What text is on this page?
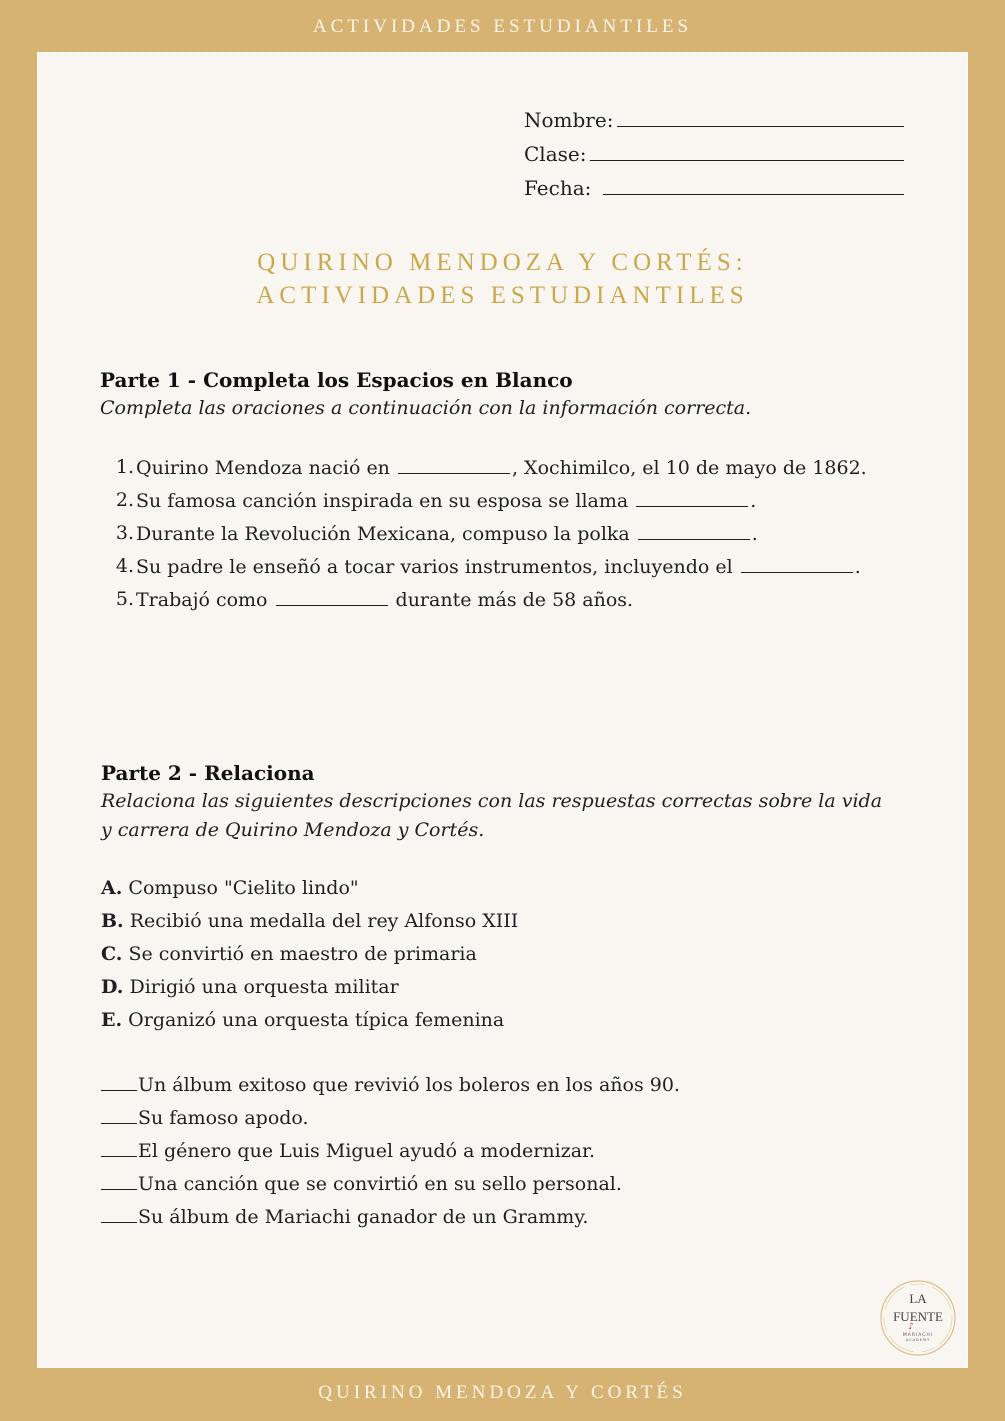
ACTIVIDADES ESTUDIANTILES
Nombre:
Clase:
Fecha:
QUIRINO MENDOZA Y CORTÉS:
ACTIVIDADES ESTUDIANTILES
Parte 1 - Completa los Espacios en Blanco
Completa las oraciones a continuación con la información correcta.
1. Quirino Mendoza nació en	, Xochimilco, el 10 de mayo de 1862.
2. Su famosa canción inspirada en su esposa se llama	.
3. Durante la Revolución Mexicana, compuso la polka	.
4. Su padre le enseñó a tocar varios instrumentos, incluyendo el	.
5. Trabajó como	durante más de 58 años.
Parte 2 - Relaciona
Relaciona las siguientes descripciones con las respuestas correctas sobre la vida y carrera de Quirino Mendoza y Cortés.
A. Compuso "Cielito lindo"
B. Recibió una medalla del rey Alfonso XIII
C. Se convirtió en maestro de primaria
D. Dirigió una orquesta militar
E. Organizó una orquesta típica femenina
Un álbum exitoso que revivió los boleros en los años 90.
Su famoso apodo.
El género que Luis Miguel ayudó a modernizar.
Una canción que se convirtió en su sello personal.
Su álbum de Mariachi ganador de un Grammy.
LA
FUENTE
♪
MARIACHI
ACADEMY
QUIRINO MENDOZA Y CORTÉS
